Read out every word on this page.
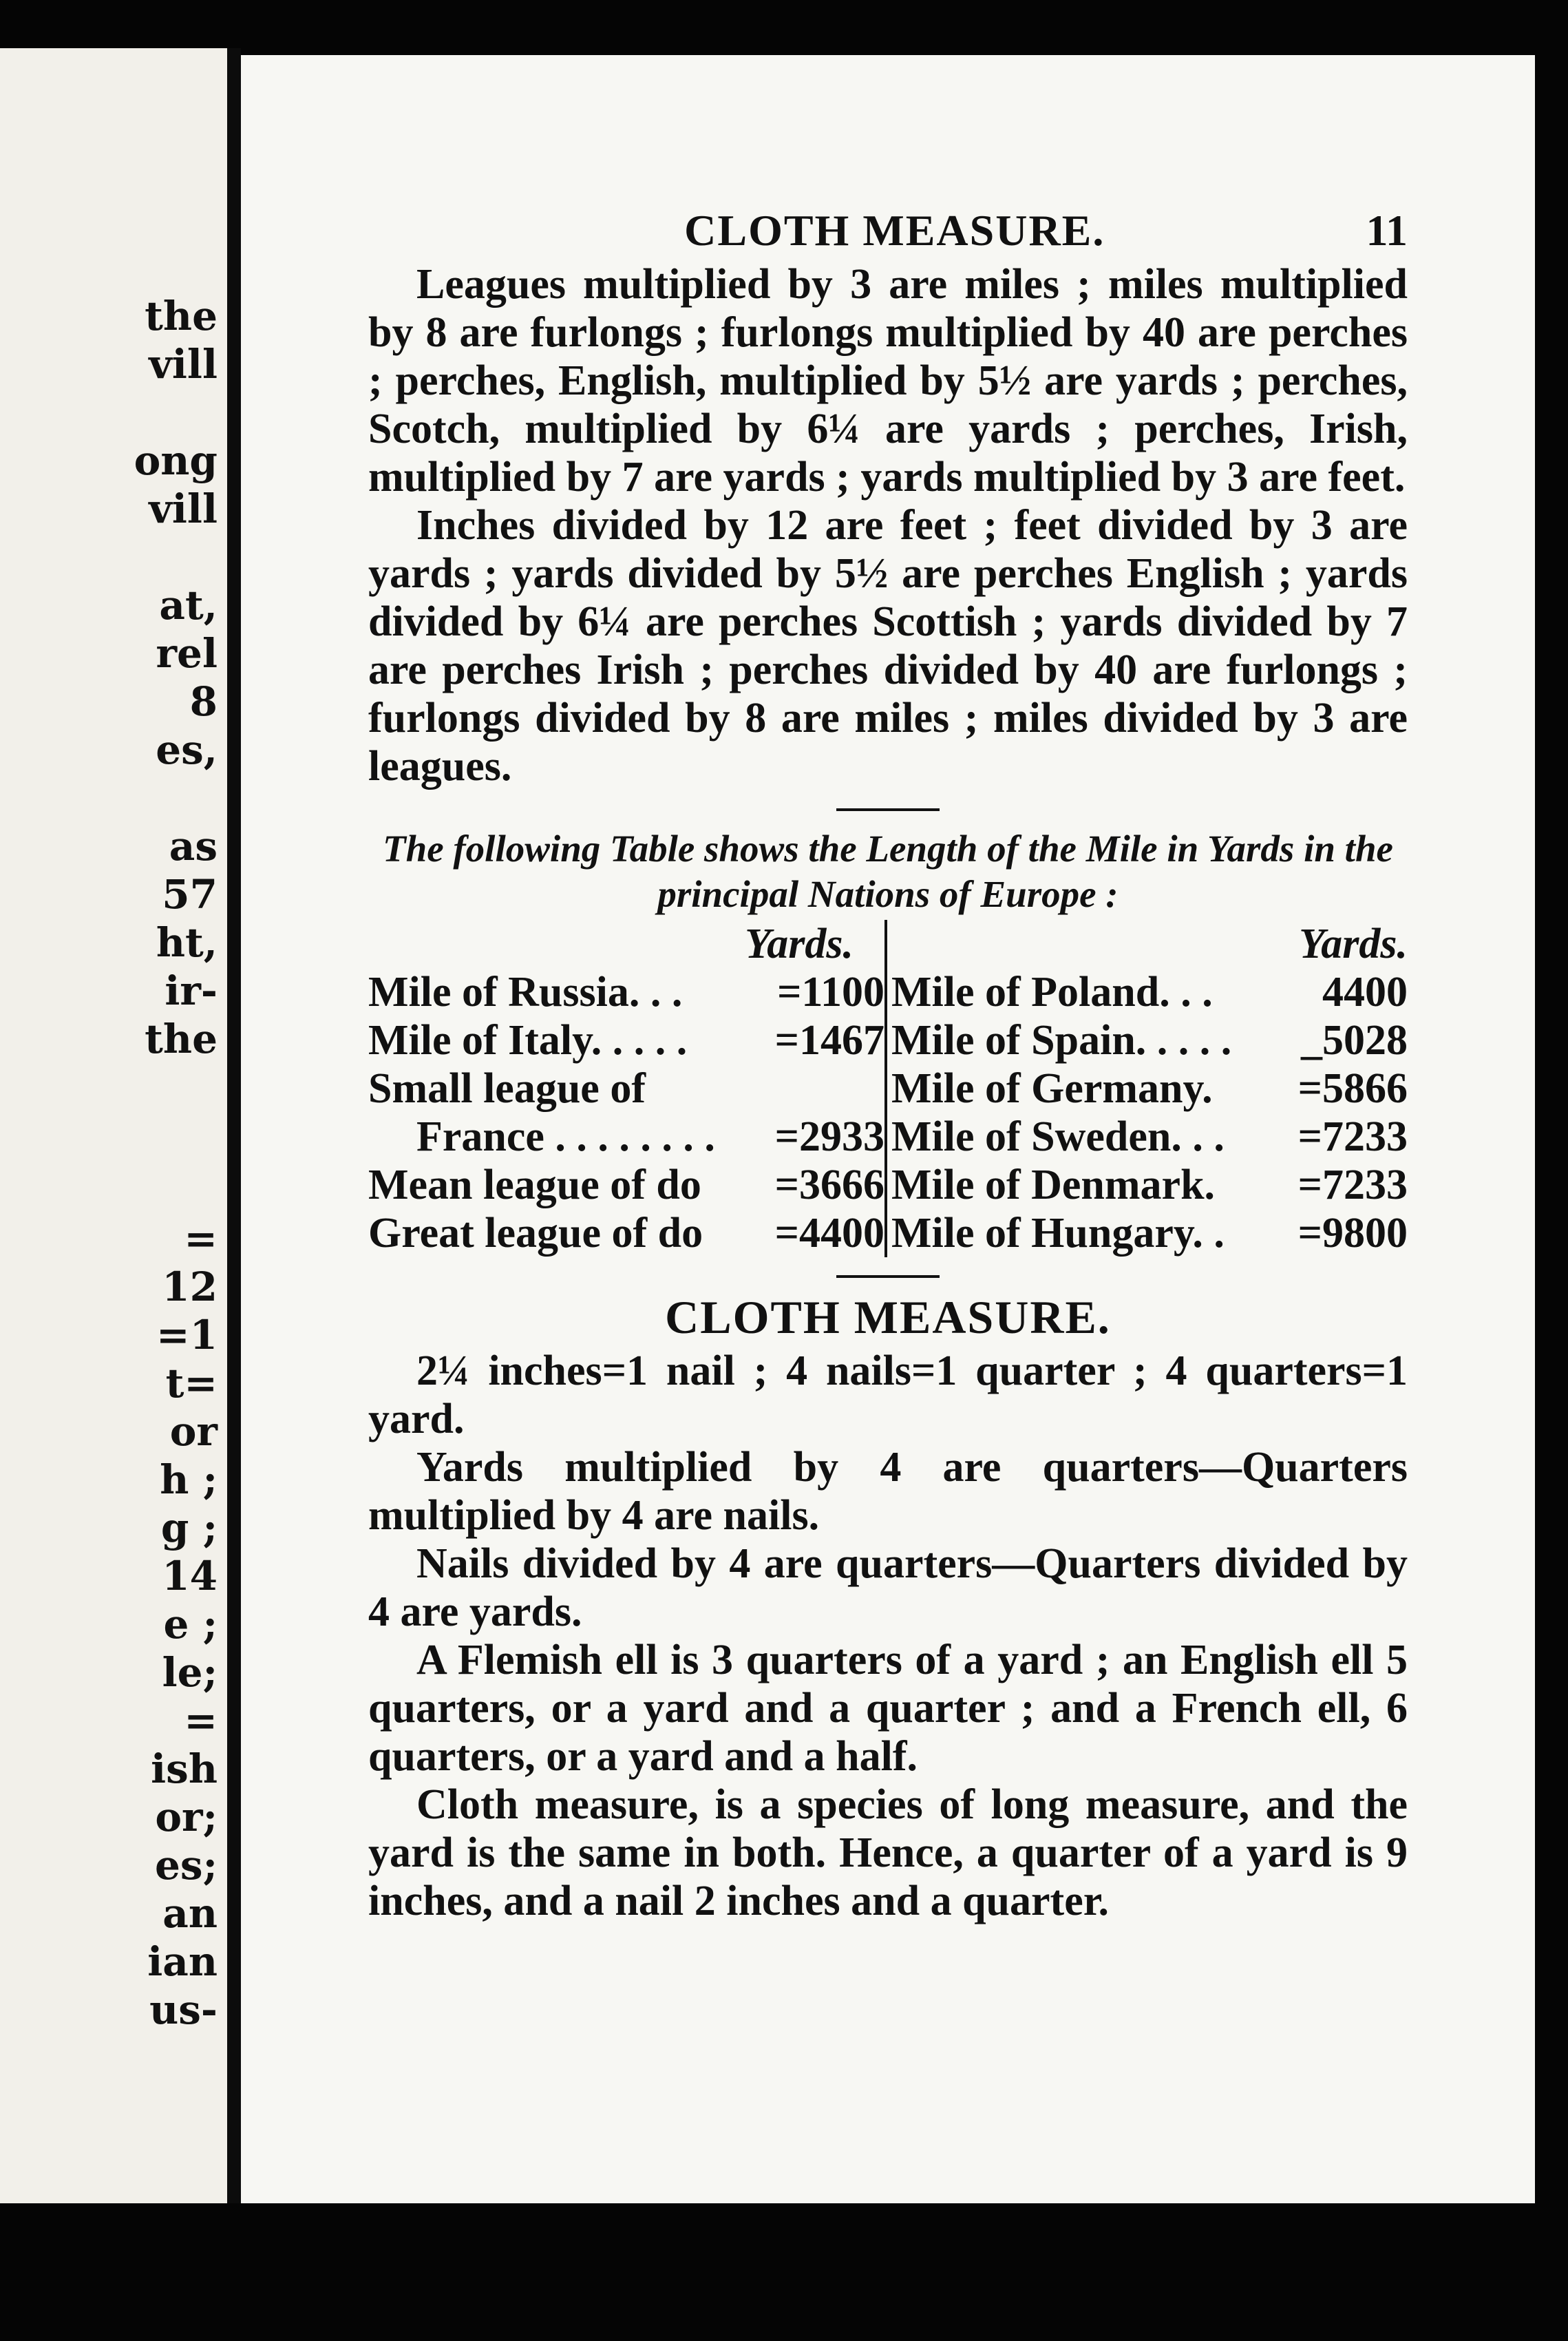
the
vill
ong
vill
at,
rel
8
es,
as
57
ht,
ir-
the
=
12
=1
t=
or
h ;
g ;
14
e ;
le;
=
ish
or;
es;
an
ian
us-
CLOTH MEASURE.	11

Leagues multiplied by 3 are miles ; miles multiplied by 8 are furlongs ; furlongs multiplied by 40 are perches ; perches, English, multiplied by 5½ are yards ; perches, Scotch, multiplied by 6¼ are yards ; perches, Irish, multiplied by 7 are yards ; yards multiplied by 3 are feet.

Inches divided by 12 are feet ; feet divided by 3 are yards ; yards divided by 5½ are perches English ; yards divided by 6¼ are perches Scottish ; yards divided by 7 are perches Irish ; perches divided by 40 are furlongs ; furlongs divided by 8 are miles ; miles divided by 3 are leagues.

The following Table shows the Length of the Mile in Yards in the principal Nations of Europe :
Yards.
Mile of Russia. . . =1100
Mile of Italy. . . . . =1467
Small league of
France . . . . . . . . =2933
Mean league of do =3666
Great league of do =4400
Yards.
Mile of Poland. . .	4400
Mile of Spain. . . . . _5028
Mile of Germany. =5866
Mile of Sweden. . . =7233
Mile of Denmark. =7233
Mile of Hungary. . =9800
CLOTH MEASURE.

2¼ inches=1 nail ; 4 nails=1 quarter ; 4 quarters=1 yard.

Yards multiplied by 4 are quarters—Quarters multiplied by 4 are nails.

Nails divided by 4 are quarters—Quarters divided by 4 are yards.

A Flemish ell is 3 quarters of a yard ; an English ell 5 quarters, or a yard and a quarter ; and a French ell, 6 quarters, or a yard and a half.

Cloth measure, is a species of long measure, and the yard is the same in both. Hence, a quarter of a yard is 9 inches, and a nail 2 inches and a quarter.
